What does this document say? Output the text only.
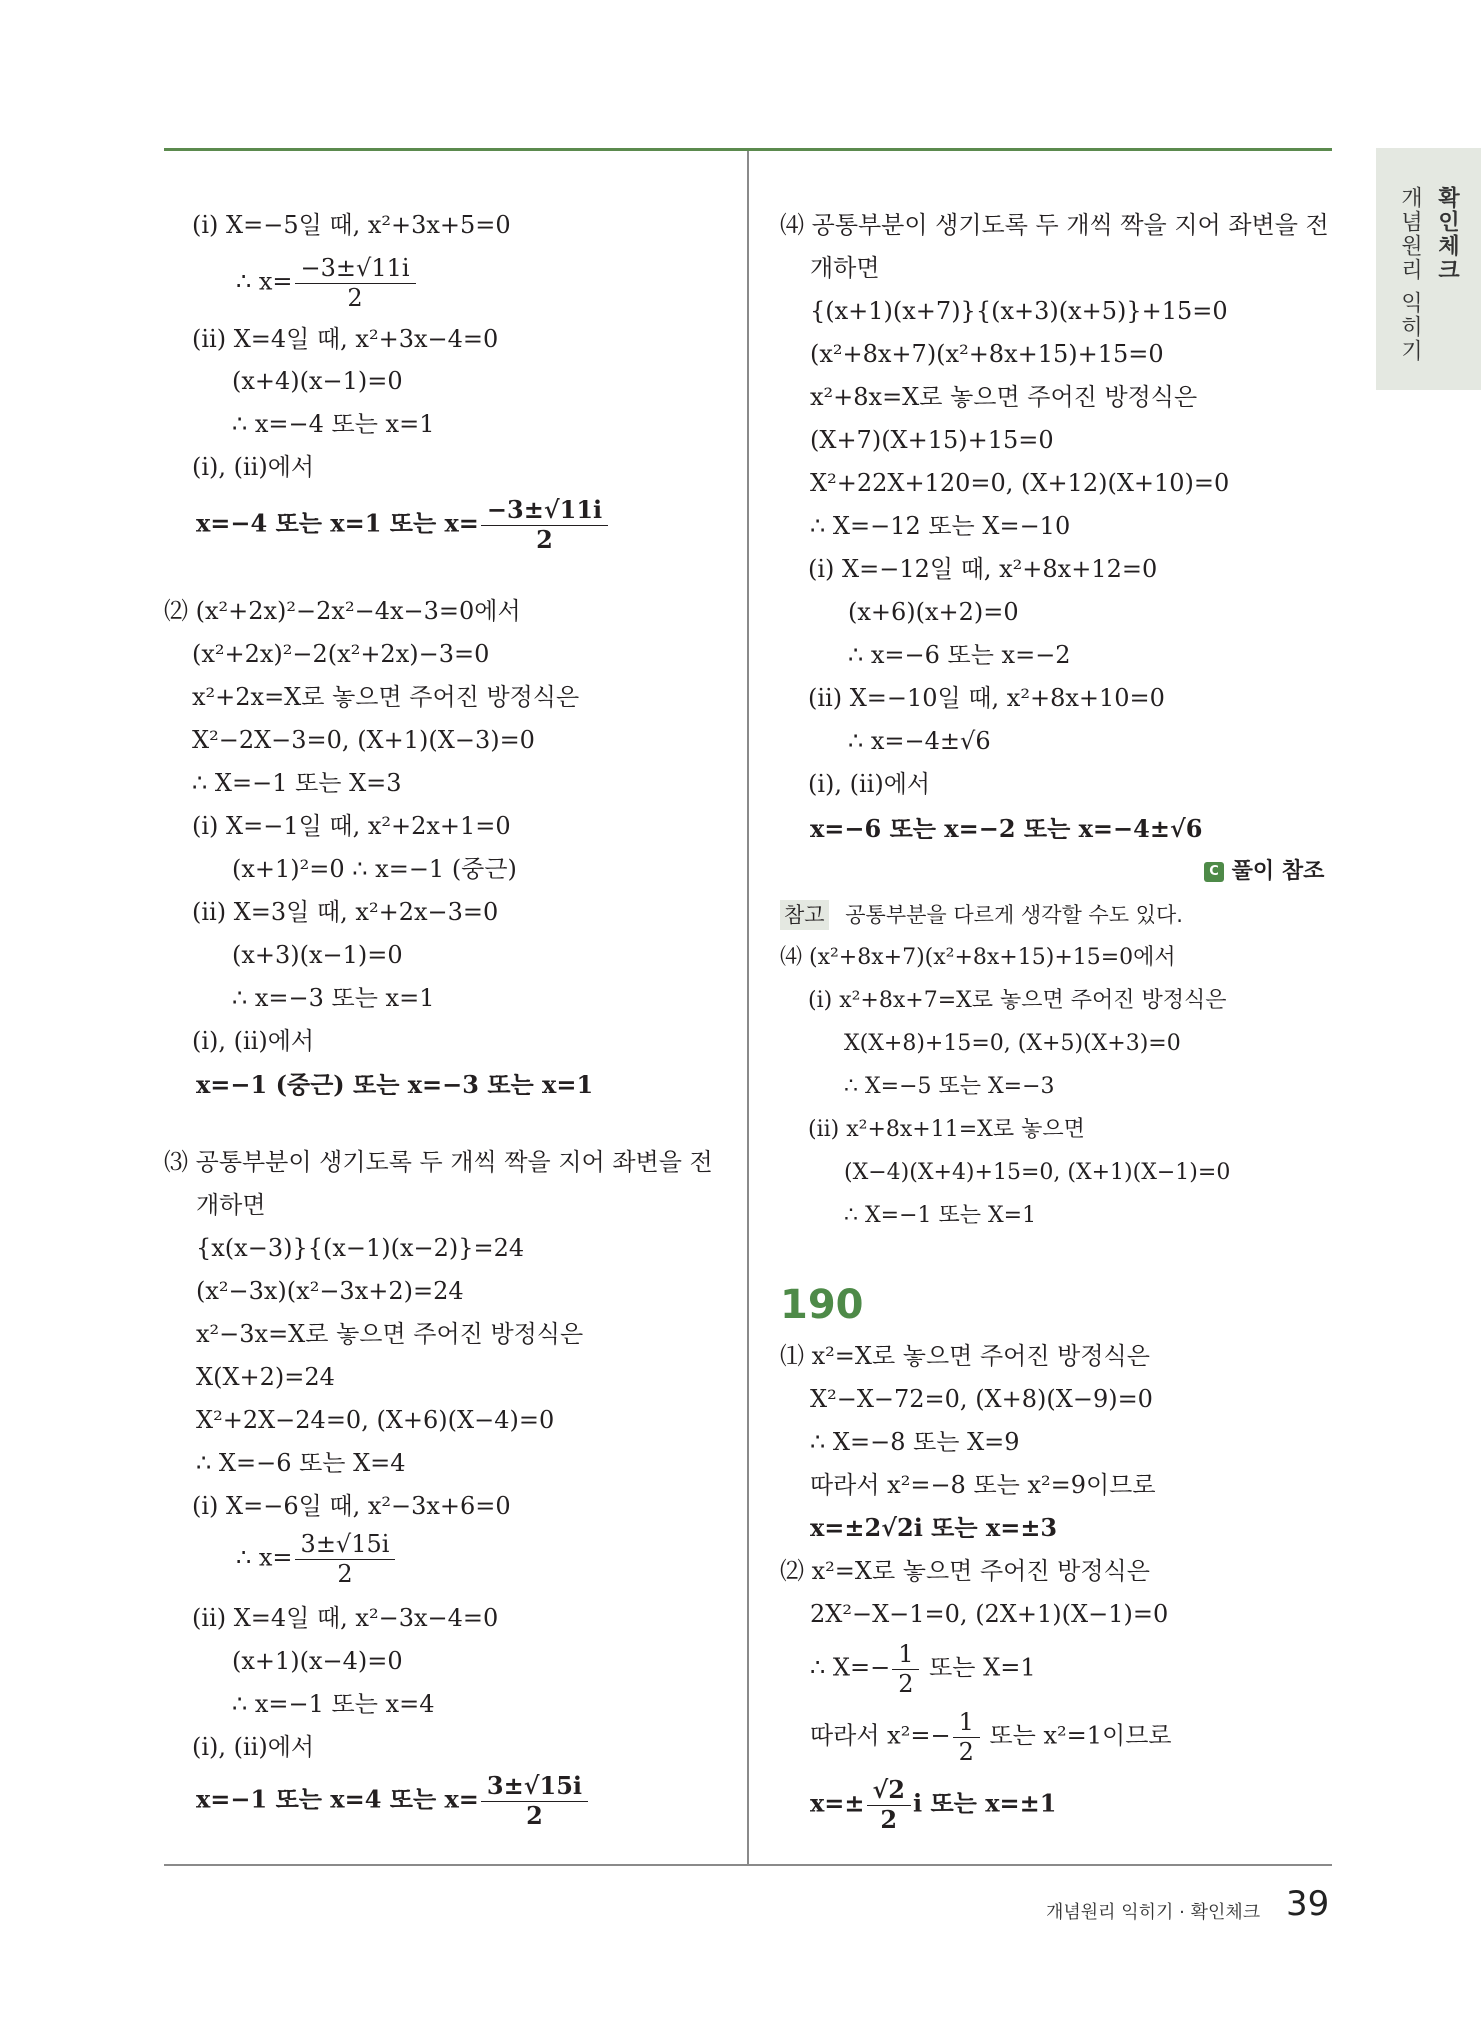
확인체크
개념원리 익히기
(ⅰ) X=−5일 때, x²+3x+5=0
∴ $x= \frac{-3\pm√11i}{2}$
(ⅱ) X=4일 때, x²+3x−4=0
(x+4)(x−1)=0
∴ x=−4 또는 x=1
(ⅰ), (ⅱ)에서
x=−4 또는 x=1 또는 $x= \frac{-3\pm√11i}{2}$
⑵ (x²+2x)²−2x²−4x−3=0에서
(x²+2x)²−2(x²+2x)−3=0
x²+2x=X로 놓으면 주어진 방정식은
X²−2X−3=0, (X+1)(X−3)=0
∴ X=−1 또는 X=3
(ⅰ) X=−1일 때, x²+2x+1=0
(x+1)²=0 ∴ x=−1 (중근)
(ⅱ) X=3일 때, x²+2x−3=0
(x+3)(x−1)=0
∴ x=−3 또는 x=1
(ⅰ), (ⅱ)에서
x=−1 (중근) 또는 x=−3 또는 x=1
⑶ 공통부분이 생기도록 두 개씩 짝을 지어 좌변을 전
개하면
{x(x−3)}{(x−1)(x−2)}=24
(x²−3x)(x²−3x+2)=24
x²−3x=X로 놓으면 주어진 방정식은
X(X+2)=24
X²+2X−24=0, (X+6)(X−4)=0
∴ X=−6 또는 X=4
(ⅰ) X=−6일 때, x²−3x+6=0
∴ $x= \frac{3\pm√15i}{2}$
(ⅱ) X=4일 때, x²−3x−4=0
(x+1)(x−4)=0
∴ x=−1 또는 x=4
(ⅰ), (ⅱ)에서
x=−1 또는 x=4 또는 $x= \frac{3\pm√15i}{2}$
⑷ 공통부분이 생기도록 두 개씩 짝을 지어 좌변을 전
개하면
{(x+1)(x+7)}{(x+3)(x+5)}+15=0
(x²+8x+7)(x²+8x+15)+15=0
x²+8x=X로 놓으면 주어진 방정식은
(X+7)(X+15)+15=0
X²+22X+120=0, (X+12)(X+10)=0
∴ X=−12 또는 X=−10
(ⅰ) X=−12일 때, x²+8x+12=0
(x+6)(x+2)=0
∴ x=−6 또는 x=−2
(ⅱ) X=−10일 때, x²+8x+10=0
∴ x=−4±√6
(ⅰ), (ⅱ)에서
x=−6 또는 x=−2 또는 x=−4±√6
C 풀이 참조
참고 공통부분을 다르게 생각할 수도 있다.
⑷ (x²+8x+7)(x²+8x+15)+15=0에서
(ⅰ) x²+8x+7=X로 놓으면 주어진 방정식은
X(X+8)+15=0, (X+5)(X+3)=0
∴ X=−5 또는 X=−3
(ⅱ) x²+8x+11=X로 놓으면
(X−4)(X+4)+15=0, (X+1)(X−1)=0
∴ X=−1 또는 X=1
190
⑴ x²=X로 놓으면 주어진 방정식은
X²−X−72=0, (X+8)(X−9)=0
∴ X=−8 또는 X=9
따라서 x²=−8 또는 x²=9이므로
x=±2√2i 또는 x=±3
⑵ x²=X로 놓으면 주어진 방정식은
2X²−X−1=0, (2X+1)(X−1)=0
∴ $X=- \frac{1}{2}$ 또는 X=1
따라서 $x^2=- \frac{1}{2}$ 또는 x²=1이므로
$x=\pm \frac{√2}{2}$ i 또는 x=±1
개념원리 익히기 · 확인체크 39
